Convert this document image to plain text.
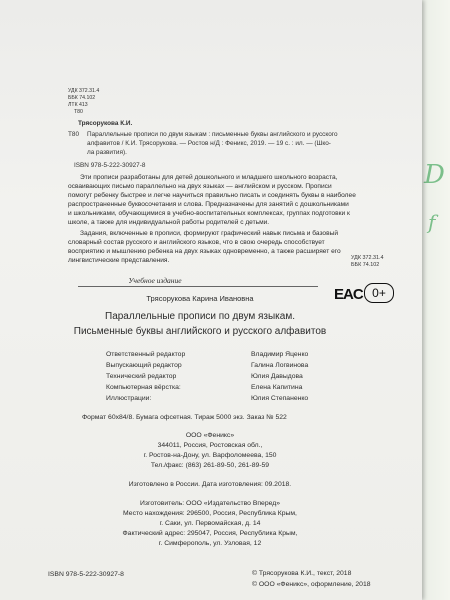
D
f
УДК 372.31.4
ББК 74.102
ЛТК 413
Т80
Трясорукова К.И.
Т80 Параллельные прописи по двум языкам : письменные буквы английского и русского
алфавитов / К.И. Трясорукова. — Ростов н/Д : Феникс, 2019. — 19 с. : ил. — (Шко-
ла развития).
ISBN 978-5-222-30927-8
Эти прописи разработаны для детей дошкольного и младшего школьного возраста,
осваивающих письмо параллельно на двух языках — английском и русском. Прописи
помогут ребенку быстрее и легче научиться правильно писать и соединять буквы в наиболее
распространенные буквосочетания и слова. Предназначены для занятий с дошкольниками
и школьниками, обучающимися в учебно-воспитательных комплексах, группах подготовки к
школе, а также для индивидуальной работы родителей с детьми.
Задания, включенные в прописи, формируют графический навык письма и базовый
словарный состав русского и английского языков, что в свою очередь способствует
восприятию и мышлению ребенка на двух языках одновременно, а также расширяет его
лингвистические представления.	УДК 372.31.4
ББК 74.102
Учебное издание
Трясорукова Карина Ивановна
Параллельные прописи по двум языкам.
Письменные буквы английского и русского алфавитов
EAC 0+
Ответственный редактор	Владимир Яценко
Выпускающий редактор	Галина Логвинова
Технический редактор	Юлия Давыдова
Компьютерная вёрстка:	Елена Капитина
Иллюстрации:	Юлия Степаненко
Формат 60x84/8. Бумага офсетная. Тираж 5000 экз. Заказ № 522
ООО «Феникс»
344011, Россия, Ростовская обл.,
г. Ростов-на-Дону, ул. Варфоломеева, 150
Тел./факс: (863) 261-89-50, 261-89-59
Изготовлено в России. Дата изготовления: 09.2018.
Изготовитель: ООО «Издательство Вперед»
Место нахождения: 296500, Россия, Республика Крым,
г. Саки, ул. Первомайская, д. 14
Фактический адрес: 295047, Россия, Республика Крым,
г. Симферополь, ул. Узловая, 12
ISBN 978-5-222-30927-8	© Трясорукова К.И., текст, 2018
© ООО «Феникс», оформление, 2018
